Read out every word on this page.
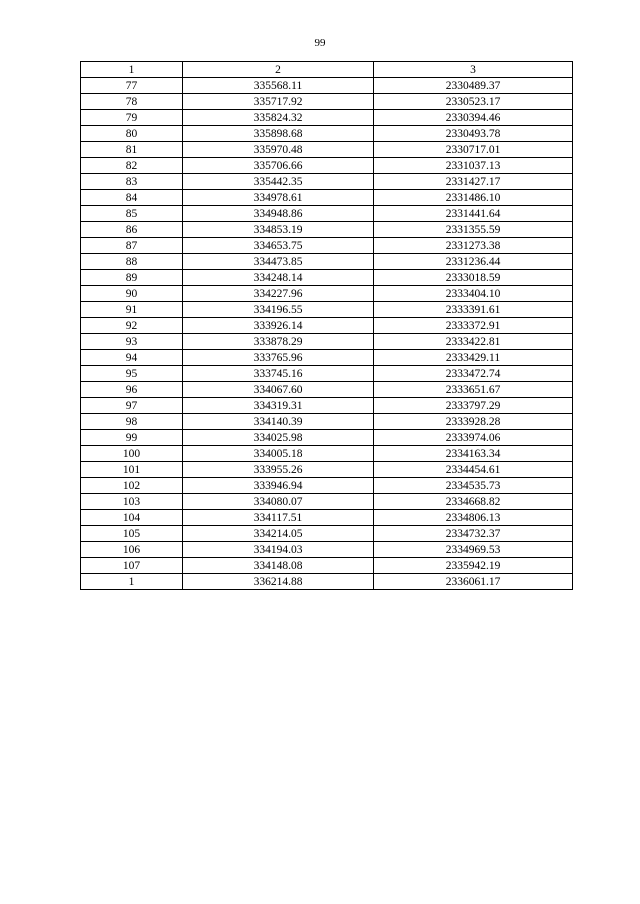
99
1	2	3
77	335568.11	2330489.37
78	335717.92	2330523.17
79	335824.32	2330394.46
80	335898.68	2330493.78
81	335970.48	2330717.01
82	335706.66	2331037.13
83	335442.35	2331427.17
84	334978.61	2331486.10
85	334948.86	2331441.64
86	334853.19	2331355.59
87	334653.75	2331273.38
88	334473.85	2331236.44
89	334248.14	2333018.59
90	334227.96	2333404.10
91	334196.55	2333391.61
92	333926.14	2333372.91
93	333878.29	2333422.81
94	333765.96	2333429.11
95	333745.16	2333472.74
96	334067.60	2333651.67
97	334319.31	2333797.29
98	334140.39	2333928.28
99	334025.98	2333974.06
100	334005.18	2334163.34
101	333955.26	2334454.61
102	333946.94	2334535.73
103	334080.07	2334668.82
104	334117.51	2334806.13
105	334214.05	2334732.37
106	334194.03	2334969.53
107	334148.08	2335942.19
1	336214.88	2336061.17
